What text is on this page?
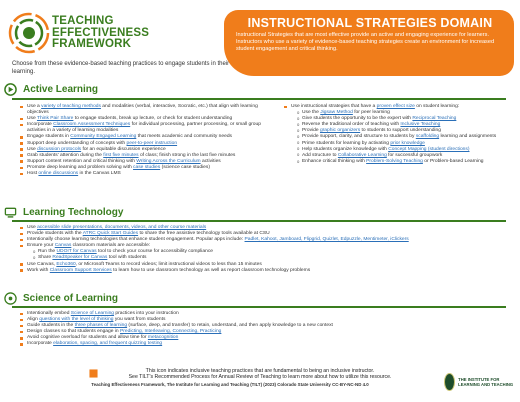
TEACHING
EFFECTIVENESS
FRAMEWORK
Choose from these evidence-based teaching practices to engage students in their learning.
INSTRUCTIONAL STRATEGIES DOMAIN
Instructional Strategies that are most effective provide an active and engaging experience for learners. Instructors who use a variety of evidence-based teaching strategies create an environment for increased student engagement and critical thinking.
Active Learning
Use a variety of teaching methods and modalities (verbal, interactive, Socratic, etc.) that align with learning objectives
Use Think Pair Share to engage students, break up lecture, or check for student understanding
Incorporate Classroom Assessment Techniques for individual processing, partner processing, or small group activities in a variety of learning modalities
Engage students in Community Engaged Learning that meets academic and community needs
Support deep understanding of concepts with peer-to-peer instruction
Use discussion protocols for an equitable discussion experience
Grab students' attention during the first five minutes of class; finish strong in the last five minutes
Support content retention and critical thinking with Writing Across the Curriculum activities
Promote deep learning and problem solving with case studies (science case studies)
Host online discussions in the Canvas LMS
Use instructional strategies that have a proven effect size on student learning:
o Use the Jigsaw Method for peer learning
o Give students the opportunity to be the expert with Reciprocal Teaching
o Reverse the traditional order of teaching with Inclusive Teaching
o Provide graphic organizers to students to support understanding
o Provide support, clarity, and structure to students by scaffolding learning and assignments
o Prime students for learning by activating prior knowledge
o Help students organize knowledge with Concept Mapping (student directions)
o Add structure to Collaborative Learning for successful groupwork
o Enhance critical thinking with Problem-Solving Teaching or Problem-based Learning
Learning Technology
Use accessible slide presentations, documents, videos, and other course materials
Provide students with the ATRC Quick Start Guides to share the free assistive technology tools available at CSU
Intentionally choose learning technologies that enhance student engagement. Popular apps include: Padlet, Kahoot, Jamboard, Flipgrid, Quizlet, Edpuzzle, Mentimeter, iClickers
Ensure your Canvas classroom materials are accessible:
o Run the UDOIT for Canvas tool to check your course for accessibility compliance
o Share ReadSpeaker for Canvas tool with students
Use Canvas, Echo360, or Microsoft Teams to record videos; limit instructional videos to less than 15 minutes
Work with Classroom Support Services to learn how to use classroom technology as well as report classroom technology problems
Science of Learning
Intentionally embed Science of Learning practices into your instruction
Align questions with the level of thinking you want from students
Guide students in the three phases of learning (surface, deep, and transfer) to retain, understand, and then apply knowledge to a new context
Design classes so that students engage in Predicting, Interleaving, Connecting, Practicing
Avoid cognitive overload for students and allow time for metacognition
Incorporate elaboration, spacing, and frequent quizzing testing
This icon indicates inclusive teaching practices that are fundamental to being an inclusive instructor.
See TILT's Recommended Process for Annual Review of Teaching to learn more about how to utilize this resource.
Teaching Effectiveness Framework, The Institute for Learning and Teaching (TILT) (2023) Colorado State University CC-BY-NC-ND 4.0
THE INSTITUTE FOR LEARNING AND TEACHING
